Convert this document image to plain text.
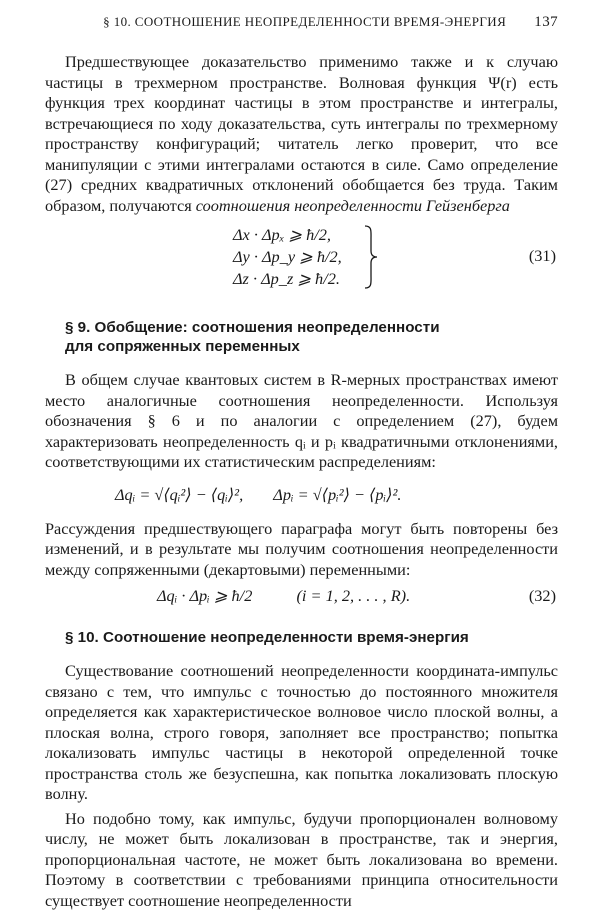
§ 10. СООТНОШЕНИЕ НЕОПРЕДЕЛЕННОСТИ ВРЕМЯ-ЭНЕРГИЯ	137

Предшествующее доказательство применимо также и к случаю частицы в трехмерном пространстве. Волновая функция Ψ(r) есть функция трех координат частицы в этом пространстве и интегралы, встречающиеся по ходу доказательства, суть интегралы по трехмерному пространству конфигураций; читатель легко проверит, что все манипуляции с этими интегралами остаются в силе. Само определение (27) средних квадратичных отклонений обобщается без труда. Таким образом, получаются соотношения неопределенности Гейзенберга

Δx · Δpₓ ⩾ ħ/2,
Δy · Δp_y ⩾ ħ/2,
Δz · Δp_z ⩾ ħ/2.
(31)
§ 9. Обобщение: соотношения неопределенности
для сопряженных переменных

В общем случае квантовых систем в R-мерных пространствах имеют место аналогичные соотношения неопределенности. Используя обозначения § 6 и по аналогии с определением (27), будем характеризовать неопределенность qᵢ и pᵢ квадратичными отклонениями, соответствующими их статистическим распределениям:

Δqᵢ = √⟨qᵢ²⟩ − ⟨qᵢ⟩², Δpᵢ = √⟨pᵢ²⟩ − ⟨pᵢ⟩².

Рассуждения предшествующего параграфа могут быть повторены без изменений, и в результате мы получим соотношения неопределенности между сопряженными (декартовыми) переменными:

Δqᵢ · Δpᵢ ⩾ ħ/2	(i = 1, 2, . . . , R).	(32)
§ 10. Соотношение неопределенности время-энергия

Существование соотношений неопределенности координата-импульс связано с тем, что импульс с точностью до постоянного множителя определяется как характеристическое волновое число плоской волны, а плоская волна, строго говоря, заполняет все пространство; попытка локализовать импульс частицы в некоторой определенной точке пространства столь же безуспешна, как попытка локализовать плоскую волну.

Но подобно тому, как импульс, будучи пропорционален волновому числу, не может быть локализован в пространстве, так и энергия, пропорциональная частоте, не может быть локализована во времени. Поэтому в соответствии с требованиями принципа относительности существует соотношение неопределенности
